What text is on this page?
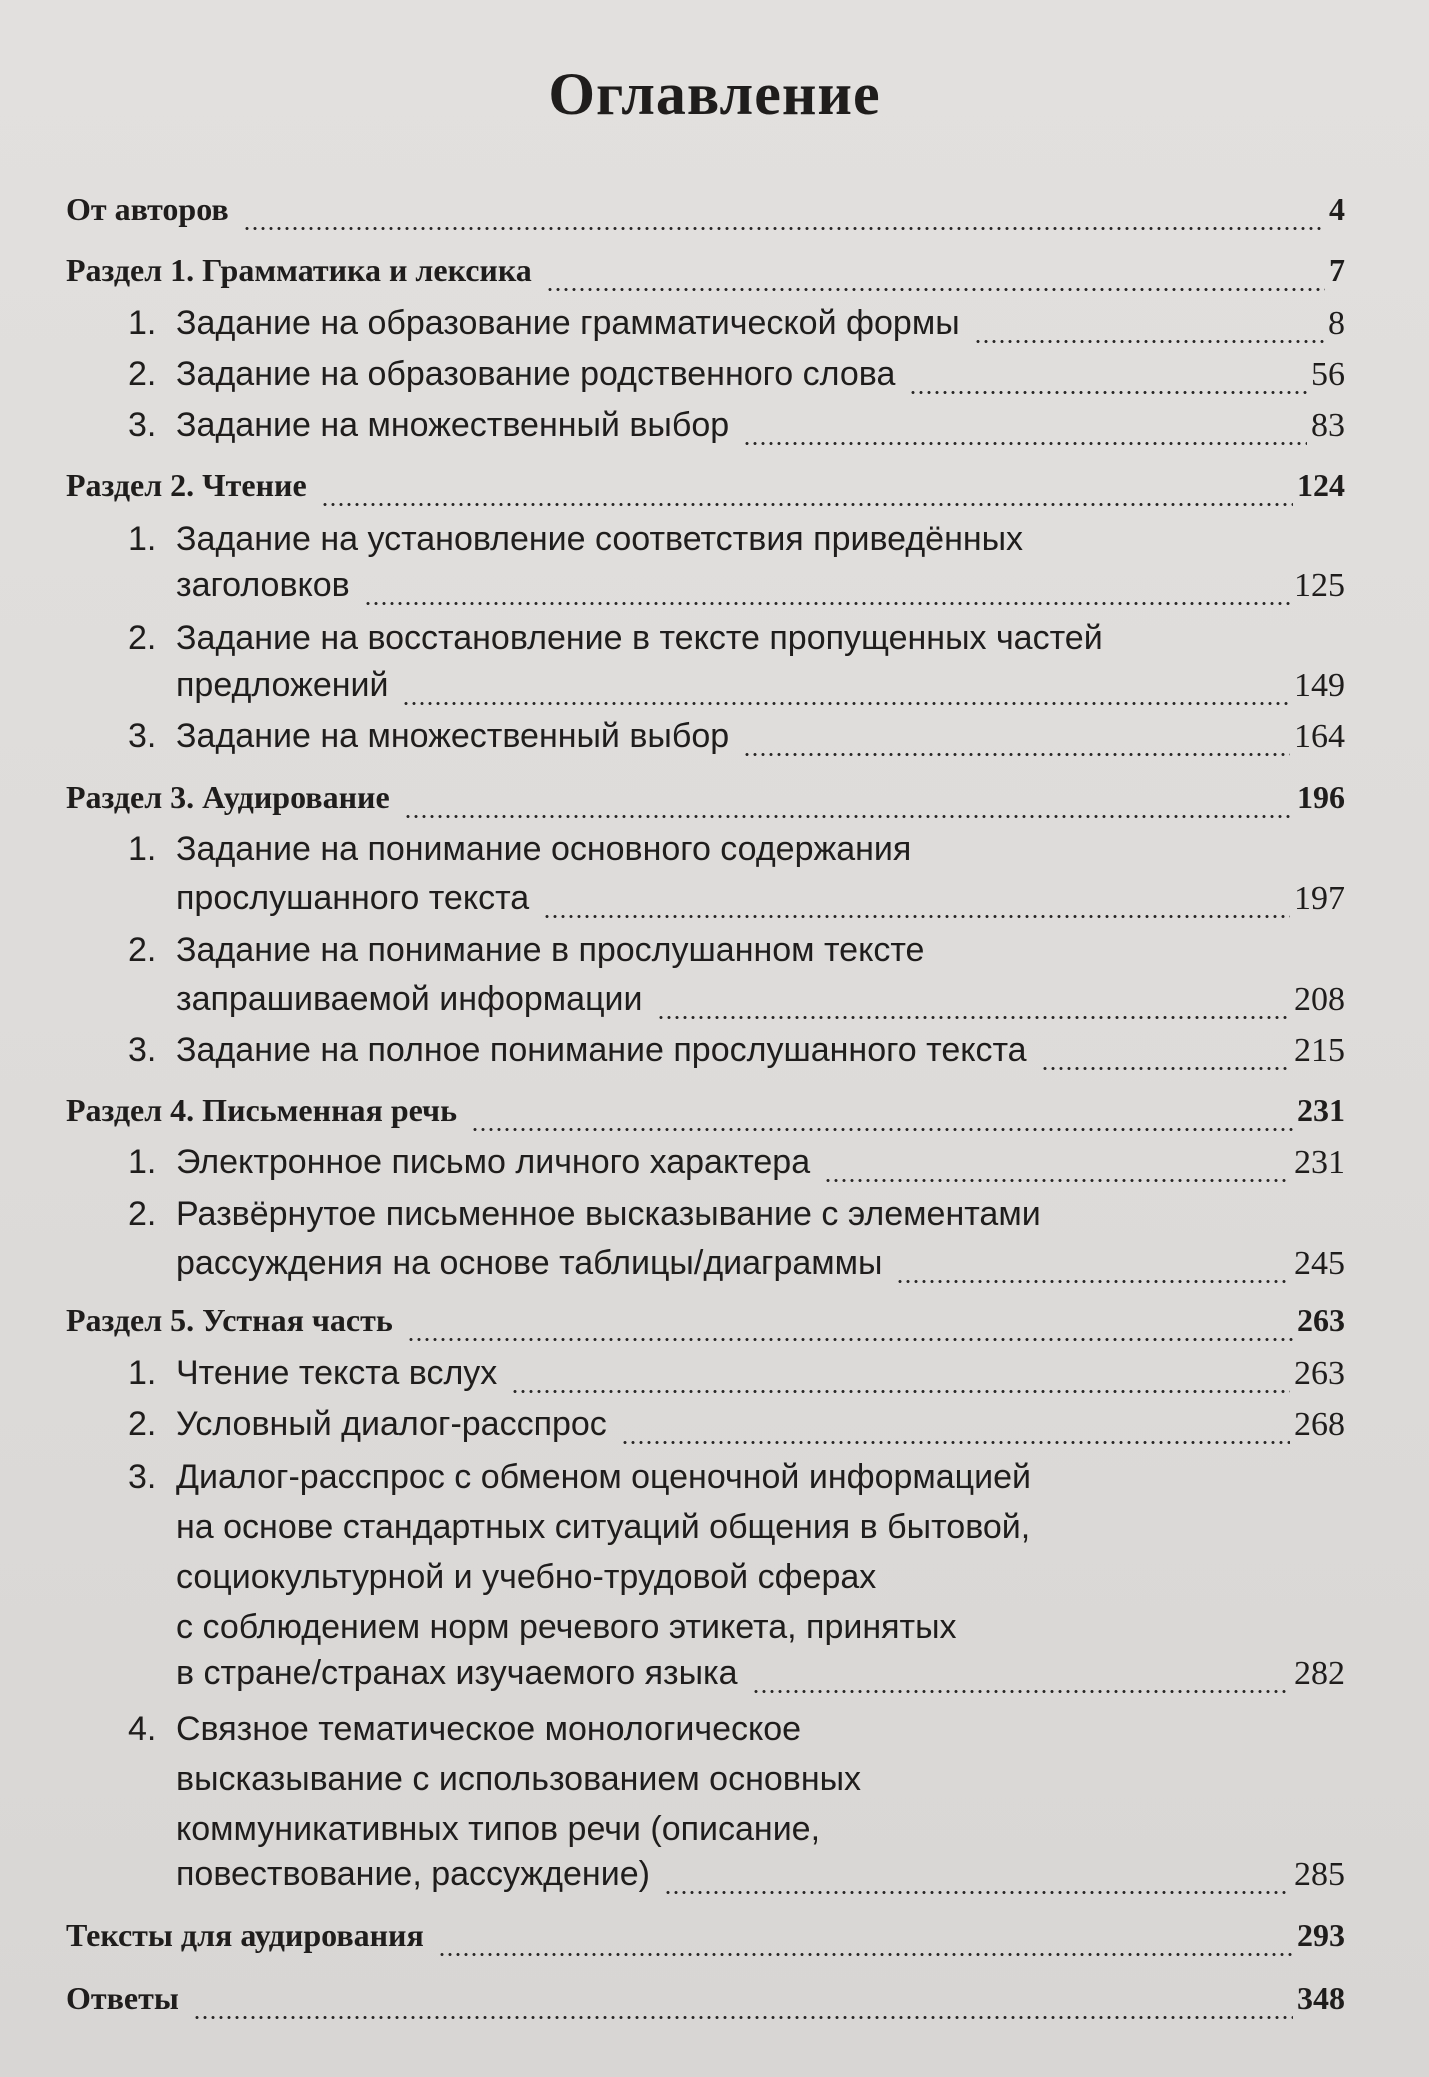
Оглавление
От авторов	4
Раздел 1. Грамматика и лексика	7
1. Задание на образование грамматической формы	8
2. Задание на образование родственного слова	56
3. Задание на множественный выбор	83
Раздел 2. Чтение	124
1. Задание на установление соответствия приведённых
заголовков	125
2. Задание на восстановление в тексте пропущенных частей
предложений	149
3. Задание на множественный выбор	164
Раздел 3. Аудирование	196
1. Задание на понимание основного содержания
прослушанного текста	197
2. Задание на понимание в прослушанном тексте
запрашиваемой информации	208
3. Задание на полное понимание прослушанного текста	215
Раздел 4. Письменная речь	231
1. Электронное письмо личного характера	231
2. Развёрнутое письменное высказывание с элементами
рассуждения на основе таблицы/диаграммы	245
Раздел 5. Устная часть	263
1. Чтение текста вслух	263
2. Условный диалог-расспрос	268
3. Диалог-расспрос с обменом оценочной информацией
на основе стандартных ситуаций общения в бытовой,
социокультурной и учебно-трудовой сферах
с соблюдением норм речевого этикета, принятых
в стране/странах изучаемого языка	282
4. Связное тематическое монологическое
высказывание с использованием основных
коммуникативных типов речи (описание,
повествование, рассуждение)	285
Тексты для аудирования	293
Ответы	348
